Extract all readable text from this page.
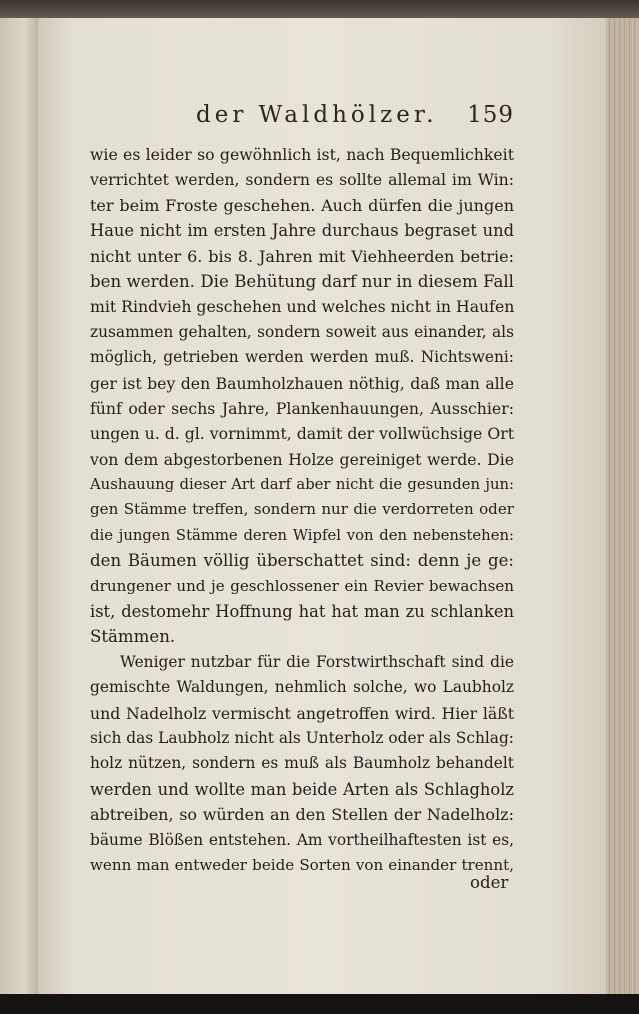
der Waldhölzer. 159
wie es leider so gewöhnlich ist, nach Bequemlichkeit
verrichtet werden, sondern es sollte allemal im Win:
ter beim Froste geschehen. Auch dürfen die jungen
Haue nicht im ersten Jahre durchaus begraset und
nicht unter 6. bis 8. Jahren mit Viehheerden betrie:
ben werden. Die Behütung darf nur in diesem Fall
mit Rindvieh geschehen und welches nicht in Haufen
zusammen gehalten, sondern soweit aus einander, als
möglich, getrieben werden werden muß. Nichtsweni:
ger ist bey den Baumholzhauen nöthig, daß man alle
fünf oder sechs Jahre, Plankenhauungen, Ausschier:
ungen u. d. gl. vornimmt, damit der vollwüchsige Ort
von dem abgestorbenen Holze gereiniget werde. Die
Aushauung dieser Art darf aber nicht die gesunden jun:
gen Stämme treffen, sondern nur die verdorreten oder
die jungen Stämme deren Wipfel von den nebenstehen:
den Bäumen völlig überschattet sind: denn je ge:
drungener und je geschlossener ein Revier bewachsen
ist, destomehr Hoffnung hat hat man zu schlanken
Stämmen.
Weniger nutzbar für die Forstwirthschaft sind die
gemischte Waldungen, nehmlich solche, wo Laubholz
und Nadelholz vermischt angetroffen wird. Hier läßt
sich das Laubholz nicht als Unterholz oder als Schlag:
holz nützen, sondern es muß als Baumholz behandelt
werden und wollte man beide Arten als Schlagholz
abtreiben, so würden an den Stellen der Nadelholz:
bäume Blößen entstehen. Am vortheilhaftesten ist es,
wenn man entweder beide Sorten von einander trennt,
oder
